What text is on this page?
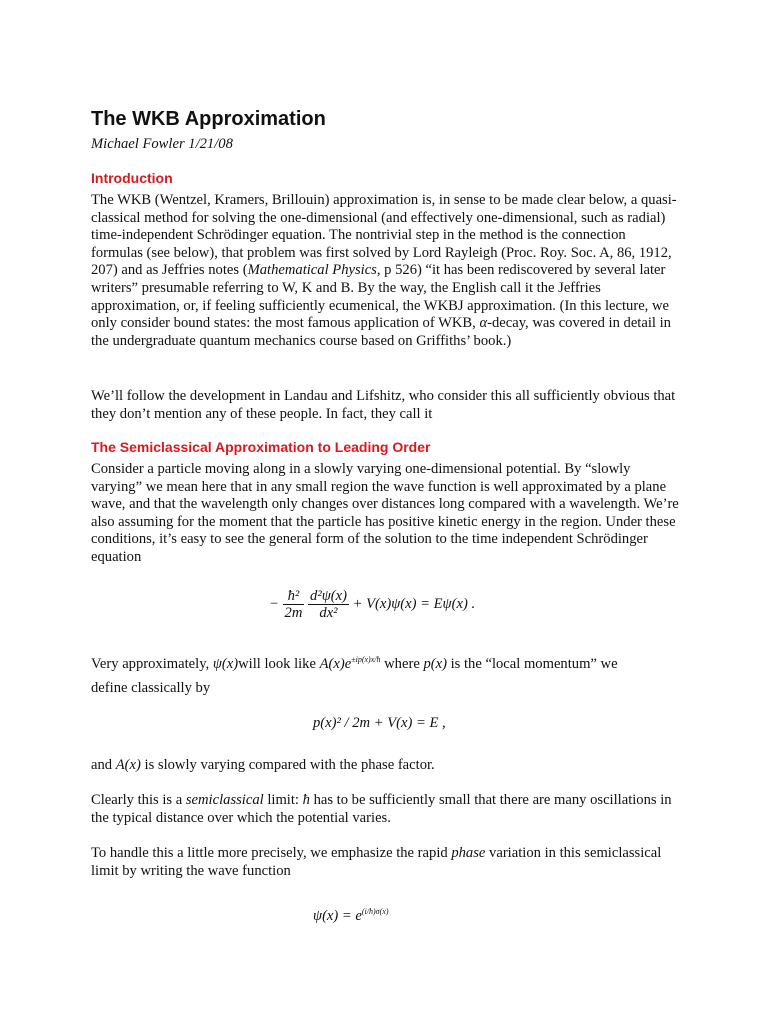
The WKB Approximation
Michael Fowler 1/21/08
Introduction

The WKB (Wentzel, Kramers, Brillouin) approximation is, in sense to be made clear below, a quasi-classical method for solving the one-dimensional (and effectively one-dimensional, such as radial) time-independent Schrödinger equation. The nontrivial step in the method is the connection formulas (see below), that problem was first solved by Lord Rayleigh (Proc. Roy. Soc. A, 86, 1912, 207) and as Jeffries notes (Mathematical Physics, p 526) “it has been rediscovered by several later writers” presumable referring to W, K and B. By the way, the English call it the Jeffries approximation, or, if feeling sufficiently ecumenical, the WKBJ approximation. (In this lecture, we only consider bound states: the most famous application of WKB, α-decay, was covered in detail in the undergraduate quantum mechanics course based on Griffiths’ book.)

We’ll follow the development in Landau and Lifshitz, who consider this all sufficiently obvious that they don’t mention any of these people. In fact, they call it

The Semiclassical Approximation to Leading Order

Consider a particle moving along in a slowly varying one-dimensional potential. By “slowly varying” we mean here that in any small region the wave function is well approximated by a plane wave, and that the wavelength only changes over distances long compared with a wavelength. We’re also assuming for the moment that the particle has positive kinetic energy in the region. Under these conditions, it’s easy to see the general form of the solution to the time independent Schrödinger equation

− $\frac{\text{ħ²}}{2m}$
$\frac{\text{d²ψ(x)}}{\text{dx²}} + V(x)\psi(x) = E\psi(x)$ .

Very approximately, ψ(x)will look like $A(x)e^{\pm ip(x)x/ħ}$ where p(x) is the “local momentum” we
define classically by

p(x)² / 2m + V(x) = E ,

and A(x) is slowly varying compared with the phase factor.

Clearly this is a semiclassical limit: ħ has to be sufficiently small that there are many oscillations in the typical distance over which the potential varies.

To handle this a little more precisely, we emphasize the rapid phase variation in this semiclassical limit by writing the wave function

$\psi(x) = e^{(i/ħ)\sigma(x)}$
